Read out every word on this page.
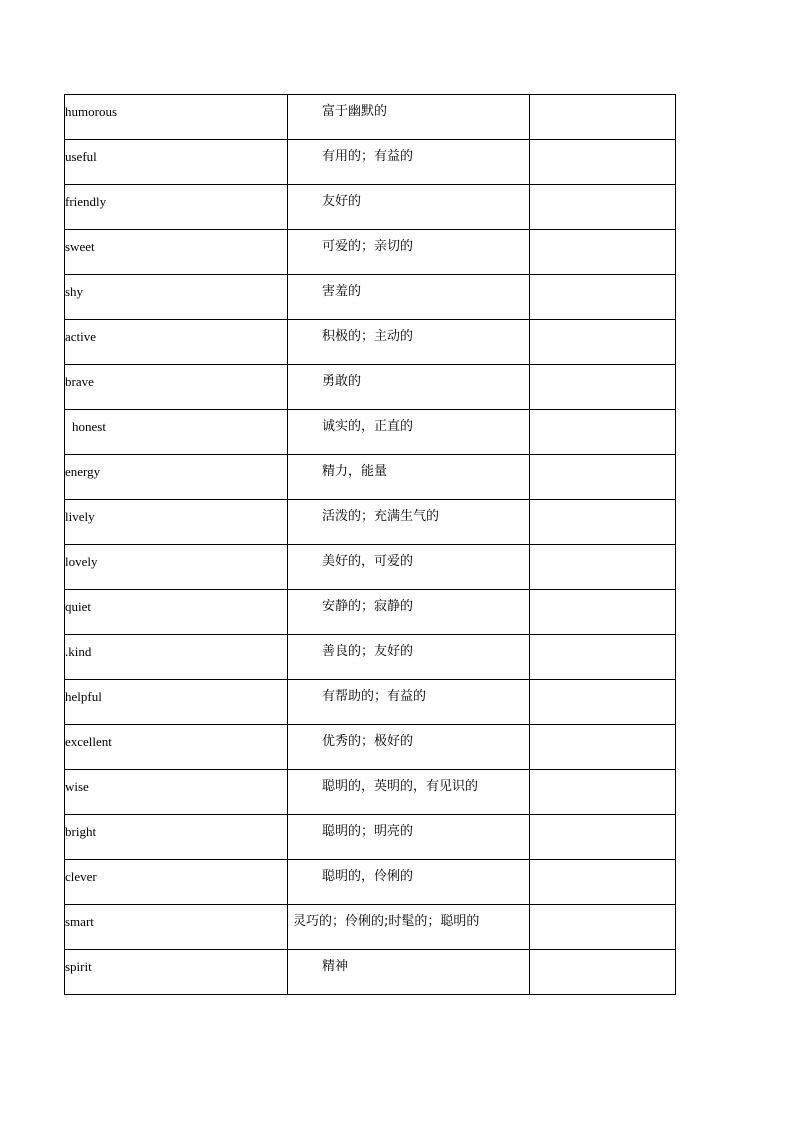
humorous	富于幽默的	

useful	有用的；有益的	

friendly	友好的	

sweet	可爱的；亲切的	

shy	害羞的	

active	积极的；主动的	

brave	勇敢的	

honest	诚实的，正直的	

energy	精力，能量	

lively	活泼的；充满生气的	

lovely	美好的，可爱的	

quiet	安静的；寂静的	

.kind	善良的；友好的	

helpful	有帮助的；有益的	

excellent	优秀的；极好的	

wise	聪明的，英明的，有见识的	

bright	聪明的；明亮的	

clever	聪明的，伶俐的	

smart	灵巧的；伶俐的;时髦的；聪明的	

spirit	精神	
